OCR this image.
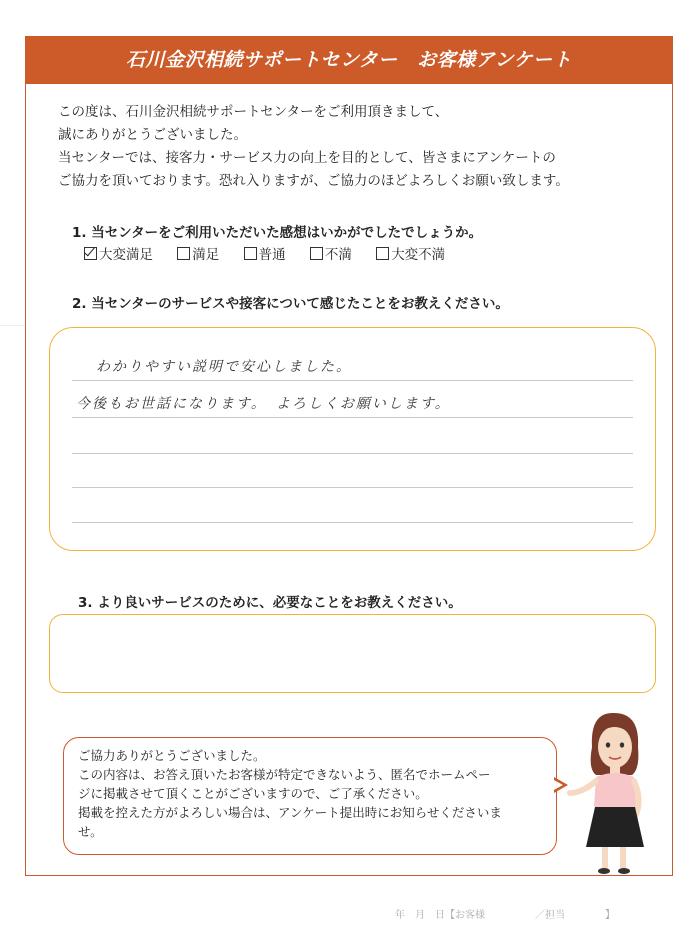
石川金沢相続サポートセンター　お客様アンケート
この度は、石川金沢相続サポートセンターをご利用頂きまして、
誠にありがとうございました。
当センターでは、接客力・サービス力の向上を目的として、皆さまにアンケートの
ご協力を頂いております。恐れ入りますが、ご協力のほどよろしくお願い致します。
1. 当センターをご利用いただいた感想はいかがでしたでしょうか。
大変満足	満足	普通	不満	大変不満
2. 当センターのサービスや接客について感じたことをお教えください。
わかりやすい説明で安心しました。
今後もお世話になります。　よろしくお願いします。
3. より良いサービスのために、必要なことをお教えください。
ご協力ありがとうございました。
この内容は、お答え頂いたお客様が特定できないよう、匿名でホームペー
ジに掲載させて頂くことがございますので、ご了承ください。
掲載を控えた方がよろしい場合は、アンケート提出時にお知らせくださいま
せ。
年　月　日【お客様　　　　　／担当　　　　】
